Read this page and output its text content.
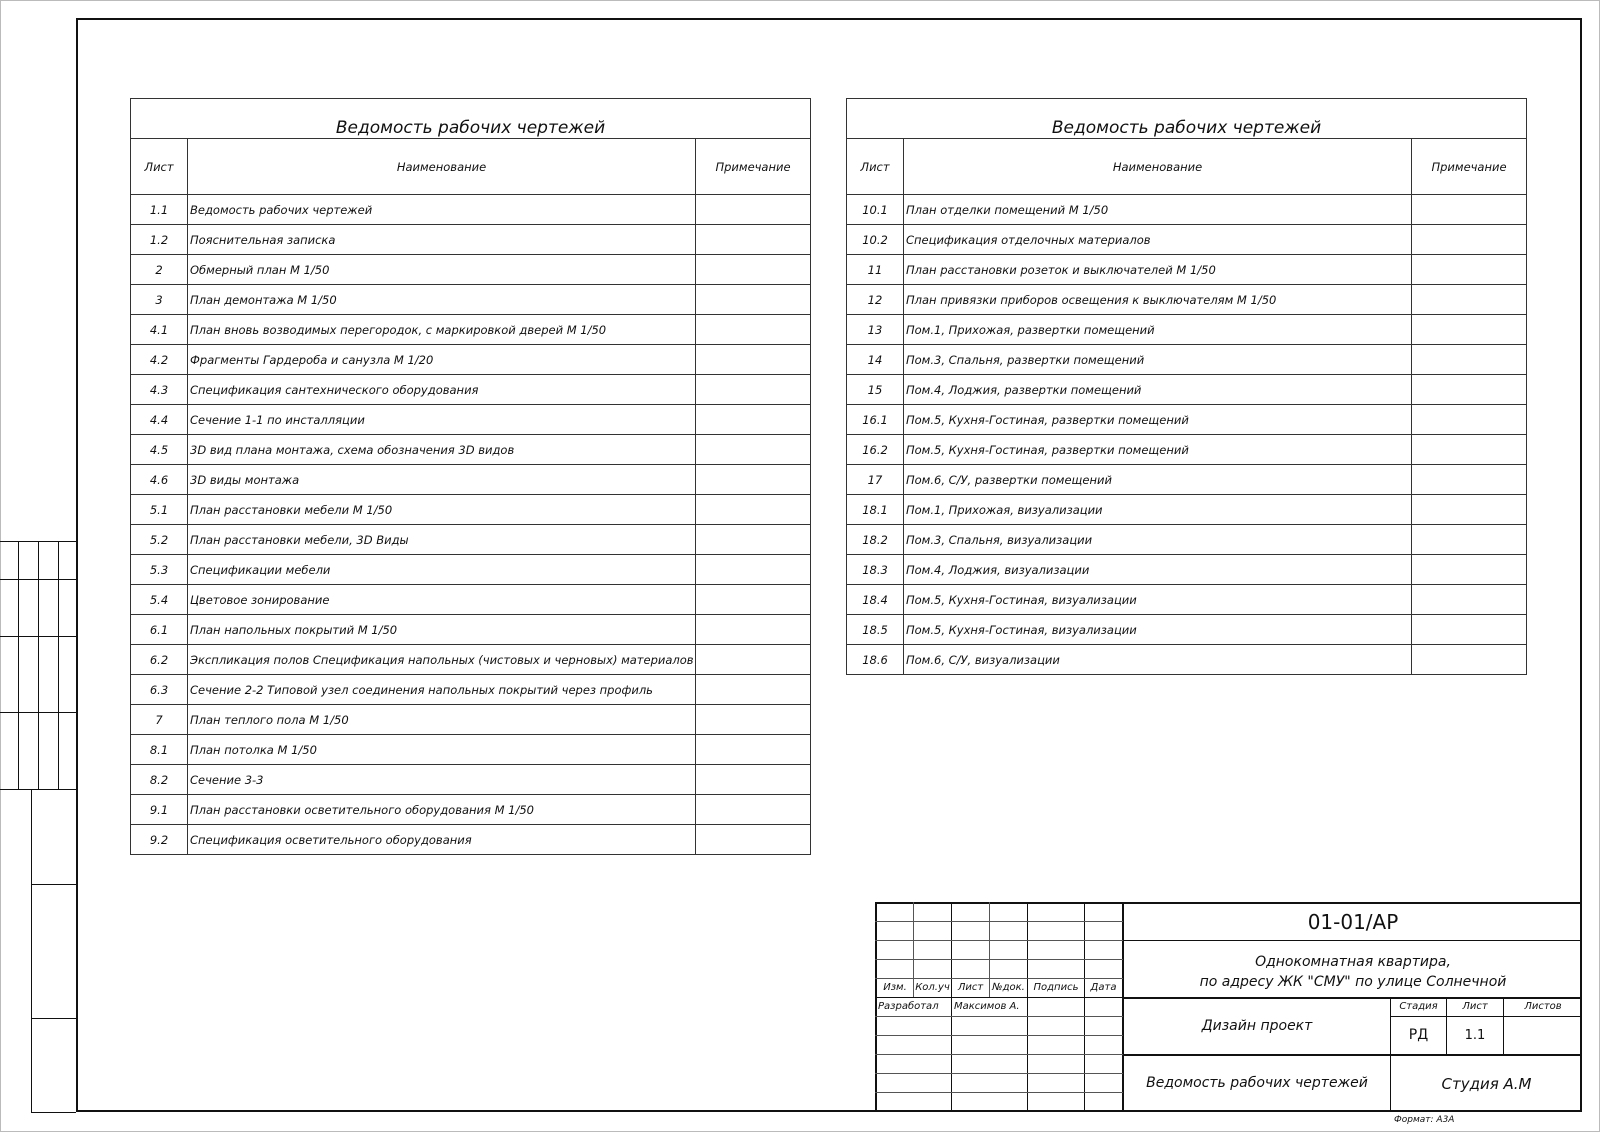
Ведомость рабочих чертежей		
Лист	Наименование	Примечание
1.1	Ведомость рабочих чертежей	
1.2	Пояснительная записка	
2	Обмерный план М 1/50	
3	План демонтажа М 1/50	
4.1	План вновь возводимых перегородок, с маркировкой дверей М 1/50	
4.2	Фрагменты Гардероба и санузла М 1/20	
4.3	Спецификация сантехнического оборудования	
4.4	Сечение 1-1 по инсталляции	
4.5	3D вид плана монтажа, схема обозначения 3D видов	
4.6	3D виды монтажа	
5.1	План расстановки мебели М 1/50	
5.2	План расстановки мебели, 3D Виды	
5.3	Спецификации мебели	
5.4	Цветовое зонирование	
6.1	План напольных покрытий М 1/50	
6.2	Экспликация полов Спецификация напольных (чистовых и черновых) материалов	
6.3	Сечение 2-2 Типовой узел соединения напольных покрытий через профиль	
7	План теплого пола М 1/50	
8.1	План потолка М 1/50	
8.2	Сечение 3-3	
9.1	План расстановки осветительного оборудования М 1/50	
9.2	Спецификация осветительного оборудования	
Ведомость рабочих чертежей		
Лист	Наименование	Примечание
10.1	План отделки помещений М 1/50	
10.2	Спецификация отделочных материалов	
11	План расстановки розеток и выключателей М 1/50	
12	План привязки приборов освещения к выключателям М 1/50	
13	Пом.1, Прихожая, развертки помещений	
14	Пом.3, Спальня, развертки помещений	
15	Пом.4, Лоджия, развертки помещений	
16.1	Пом.5, Кухня-Гостиная, развертки помещений	
16.2	Пом.5, Кухня-Гостиная, развертки помещений	
17	Пом.6, С/У, развертки помещений	
18.1	Пом.1, Прихожая, визуализации	
18.2	Пом.3, Спальня, визуализации	
18.3	Пом.4, Лоджия, визуализации	
18.4	Пом.5, Кухня-Гостиная, визуализации	
18.5	Пом.5, Кухня-Гостиная, визуализации	
18.6	Пом.6, С/У, визуализации	
Изм. Кол.уч Лист №док. Подпись	Дата
Разработал Максимов А.
01-01/АР
Однокомнатная квартира,
по адресу ЖК "СМУ" по улице Солнечной
Дизайн проект
Стадия	Лист	Листов
РД	1.1
Ведомость рабочих чертежей	Студия А.М
Формат: А3А
